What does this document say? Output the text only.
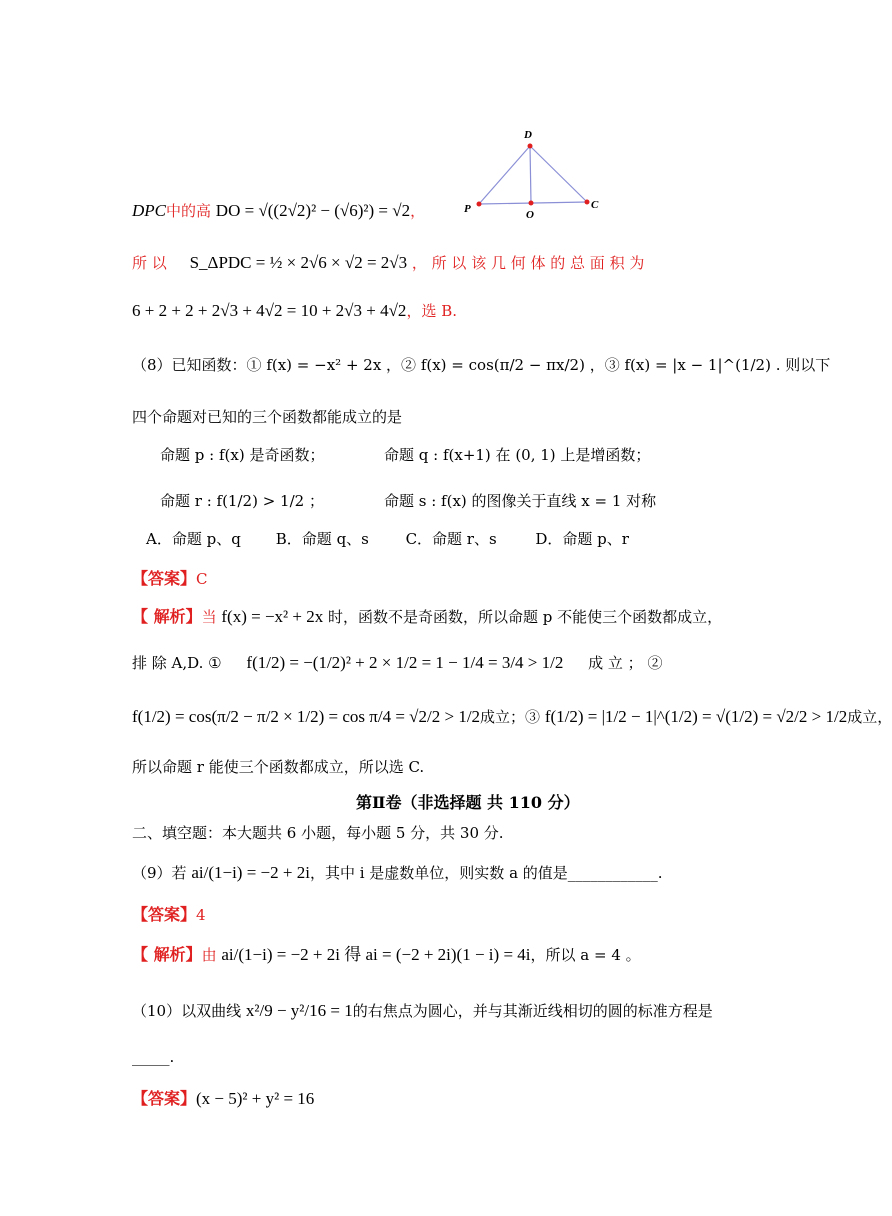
D
P	O
C
DPC中的高 DO = √((2√2)² − (√6)²) = √2，
所 以 S_ΔPDC = ½ × 2√6 × √2 = 2√3 ， 所 以 该 几 何 体 的 总 面 积 为
6 + 2 + 2 + 2√3 + 4√2 = 10 + 2√3 + 4√2，选 B.
（8）已知函数：① f(x) = −x² + 2x ，② f(x) = cos(π/2 − πx/2) ，③ f(x) = |x − 1|^(1/2) . 则以下
四个命题对已知的三个函数都能成立的是
命题 p : f(x) 是奇函数；	命题 q : f(x+1) 在 (0, 1) 上是增函数；
命题 r : f(1/2) > 1/2 ；	命题 s : f(x) 的图像关于直线 x = 1 对称
A．命题 p、q B．命题 q、s C．命题 r、s	D．命题 p、r
【答案】C
【 解析】当 f(x) = −x² + 2x 时，函数不是奇函数，所以命题 p 不能使三个函数都成立，
排 除 A,D. ① f(1/2) = −(1/2)² + 2 × 1/2 = 1 − 1/4 = 3/4 > 1/2 成 立 ； ②
f(1/2) = cos(π/2 − π/2 × 1/2) = cos π/4 = √2/2 > 1/2成立；③ f(1/2) = |1/2 − 1|^(1/2) = √(1/2) = √2/2 > 1/2成立，
所以命题 r 能使三个函数都成立，所以选 C.
第Ⅱ卷（非选择题 共 110 分）
二、填空题：本大题共 6 小题，每小题 5 分，共 30 分.
（9）若 ai/(1−i) = −2 + 2i，其中 i 是虚数单位，则实数 a 的值是____________.
【答案】4
【 解析】由 ai/(1−i) = −2 + 2i 得 ai = (−2 + 2i)(1 − i) = 4i，所以 a = 4 。
（10）以双曲线 x²/9 − y²/16 = 1的右焦点为圆心，并与其渐近线相切的圆的标准方程是
_____.
【答案】(x − 5)² + y² = 16
